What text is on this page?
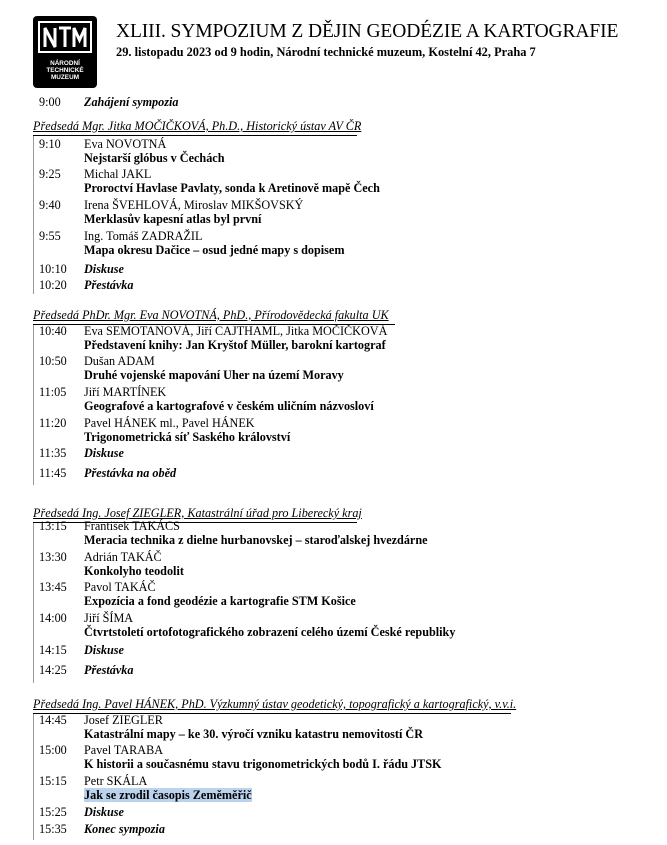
NÁRODNÍ
TECHNICKÉ
MUZEUM
XLIII. SYMPOZIUM Z DĚJIN GEODÉZIE A KARTOGRAFIE
29. listopadu 2023 od 9 hodin, Národní technické muzeum, Kostelní 42, Praha 7
9:00 Zahájení sympozia
Předsedá Mgr. Jitka MOČIČKOVÁ, Ph.D., Historický ústav AV ČR
9:10 Eva NOVOTNÁ
Nejstarší glóbus v Čechách
9:25 Michal JAKL
Proroctví Havlase Pavlaty, sonda k Aretinově mapě Čech
9:40 Irena ŠVEHLOVÁ, Miroslav MIKŠOVSKÝ
Merklasův kapesní atlas byl první
9:55 Ing. Tomáš ZADRAŽIL
Mapa okresu Dačice – osud jedné mapy s dopisem
10:10 Diskuse
10:20 Přestávka
Předsedá PhDr. Mgr. Eva NOVOTNÁ, PhD., Přírodovědecká fakulta UK
10:40 Eva SEMOTANOVÁ, Jiří CAJTHAML, Jitka MOČIČKOVÁ
Představení knihy: Jan Kryštof Müller, barokní kartograf
10:50 Dušan ADAM
Druhé vojenské mapování Uher na území Moravy
11:05 Jiří MARTÍNEK
Geografové a kartografové v českém uličním názvosloví
11:20 Pavel HÁNEK ml., Pavel HÁNEK
Trigonometrická síť Saského království
11:35 Diskuse
11:45 Přestávka na oběd
Předsedá Ing. Josef ZIEGLER, Katastrální úřad pro Liberecký kraj
13:15 František TAKÁCS
Meracia technika z dielne hurbanovskej – staroďalskej hvezdárne
13:30 Adrián TAKÁČ
Konkolyho teodolit
13:45 Pavol TAKÁČ
Expozícia a fond geodézie a kartografie STM Košice
14:00 Jiří ŠÍMA
Čtvrtstoletí ortofotografického zobrazení celého území České republiky
14:15 Diskuse
14:25 Přestávka
Předsedá Ing. Pavel HÁNEK, PhD. Výzkumný ústav geodetický, topografický a kartografický, v.v.i.
14:45 Josef ZIEGLER
Katastrální mapy – ke 30. výročí vzniku katastru nemovitostí ČR
15:00 Pavel TARABA
K historii a současnému stavu trigonometrických bodů I. řádu JTSK
15:15 Petr SKÁLA
Jak se zrodil časopis Zeměměřič
15:25 Diskuse
15:35 Konec sympozia
